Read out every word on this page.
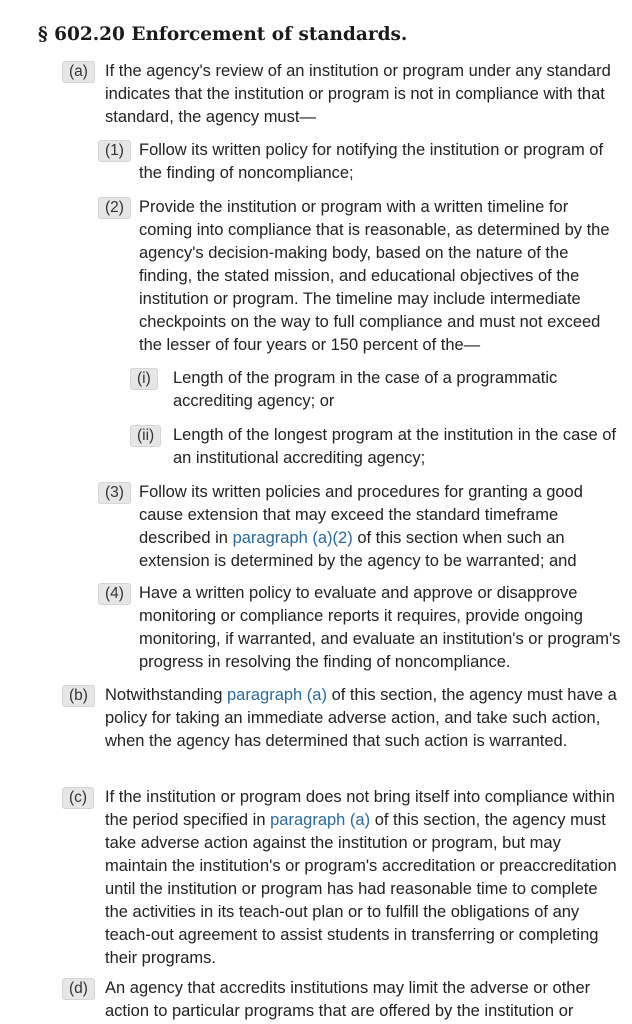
§ 602.20 Enforcement of standards.
(a)	If the agency's review of an institution or program under any standard indicates that the institution or program is not in compliance with that standard, the agency must—
(1) Follow its written policy for notifying the institution or program of the finding of noncompliance;
(2) Provide the institution or program with a written timeline for coming into compliance that is reasonable, as determined by the agency's decision-making body, based on the nature of the finding, the stated mission, and educational objectives of the institution or program. The timeline may include intermediate checkpoints on the way to full compliance and must not exceed the lesser of four years or 150 percent of the—
(i)	Length of the program in the case of a programmatic accrediting agency; or
(ii)	Length of the longest program at the institution in the case of an institutional accrediting agency;
(3) Follow its written policies and procedures for granting a good cause extension that may exceed the standard timeframe described in paragraph (a)(2) of this section when such an extension is determined by the agency to be warranted; and
(4) Have a written policy to evaluate and approve or disapprove monitoring or compliance reports it requires, provide ongoing monitoring, if warranted, and evaluate an institution's or program's progress in resolving the finding of noncompliance.
(b)	Notwithstanding paragraph (a) of this section, the agency must have a policy for taking an immediate adverse action, and take such action, when the agency has determined that such action is warranted.
(c)	If the institution or program does not bring itself into compliance within the period specified in paragraph (a) of this section, the agency must take adverse action against the institution or program, but may maintain the institution's or program's accreditation or preaccreditation until the institution or program has had reasonable time to complete the activities in its teach-out plan or to fulfill the obligations of any teach-out agreement to assist students in transferring or completing their programs.
(d)	An agency that accredits institutions may limit the adverse or other action to particular programs that are offered by the institution or
